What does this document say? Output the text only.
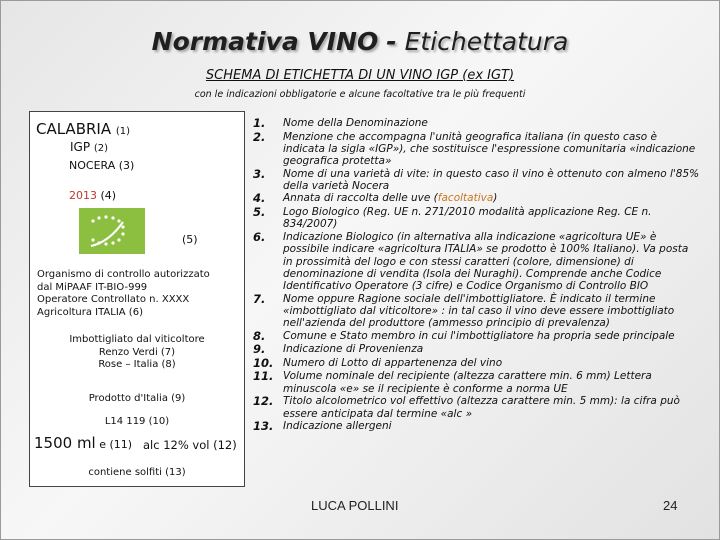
Normativa VINO - Etichettatura
SCHEMA DI ETICHETTA DI UN VINO IGP (ex IGT)
con le indicazioni obbligatorie e alcune facoltative tra le più frequenti
CALABRIA (1)
IGP (2)
NOCERA (3)
2013 (4)
(5)
Organismo di controllo autorizzato
dal MiPAAF IT-BIO-999
Operatore Controllato n. XXXX
Agricoltura ITALIA (6)
Imbottigliato dal viticoltore
Renzo Verdi (7)
Rose – Italia (8)
Prodotto d'Italia (9)
L14 119 (10)
1500 ml e (11) alc 12% vol (12)
contiene solfiti (13)
1.	Nome della Denominazione
2.	Menzione che accompagna l'unità geografica italiana (in questo caso è indicata la sigla «IGP»), che sostituisce l'espressione comunitaria «indicazione geografica protetta»
3.	Nome di una varietà di vite: in questo caso il vino è ottenuto con almeno l'85% della varietà Nocera
4.	Annata di raccolta delle uve (facoltativa)
5.	Logo Biologico (Reg. UE n. 271/2010 modalità applicazione Reg. CE n. 834/2007)
6.	Indicazione Biologico (in alternativa alla indicazione «agricoltura UE» è possibile indicare «agricoltura ITALIA» se prodotto è 100% Italiano). Va posta in prossimità del logo e con stessi caratteri (colore, dimensione) di denominazione di vendita (Isola dei Nuraghi). Comprende anche Codice Identificativo Operatore (3 cifre) e Codice Organismo di Controllo BIO
7.	Nome oppure Ragione sociale dell'imbottigliatore. È indicato il termine «imbottigliato dal viticoltore» : in tal caso il vino deve essere imbottigliato nell'azienda del produttore (ammesso principio di prevalenza)
8.	Comune e Stato membro in cui l'imbottigliatore ha propria sede principale
9.	Indicazione di Provenienza
10. Numero di Lotto di appartenenza del vino
11. Volume nominale del recipiente (altezza carattere min. 6 mm) Lettera minuscola «e» se il recipiente è conforme a norma UE
12. Titolo alcolometrico vol effettivo (altezza carattere min. 5 mm): la cifra può essere anticipata dal termine «alc »
13. Indicazione allergeni
LUCA POLLINI	24
